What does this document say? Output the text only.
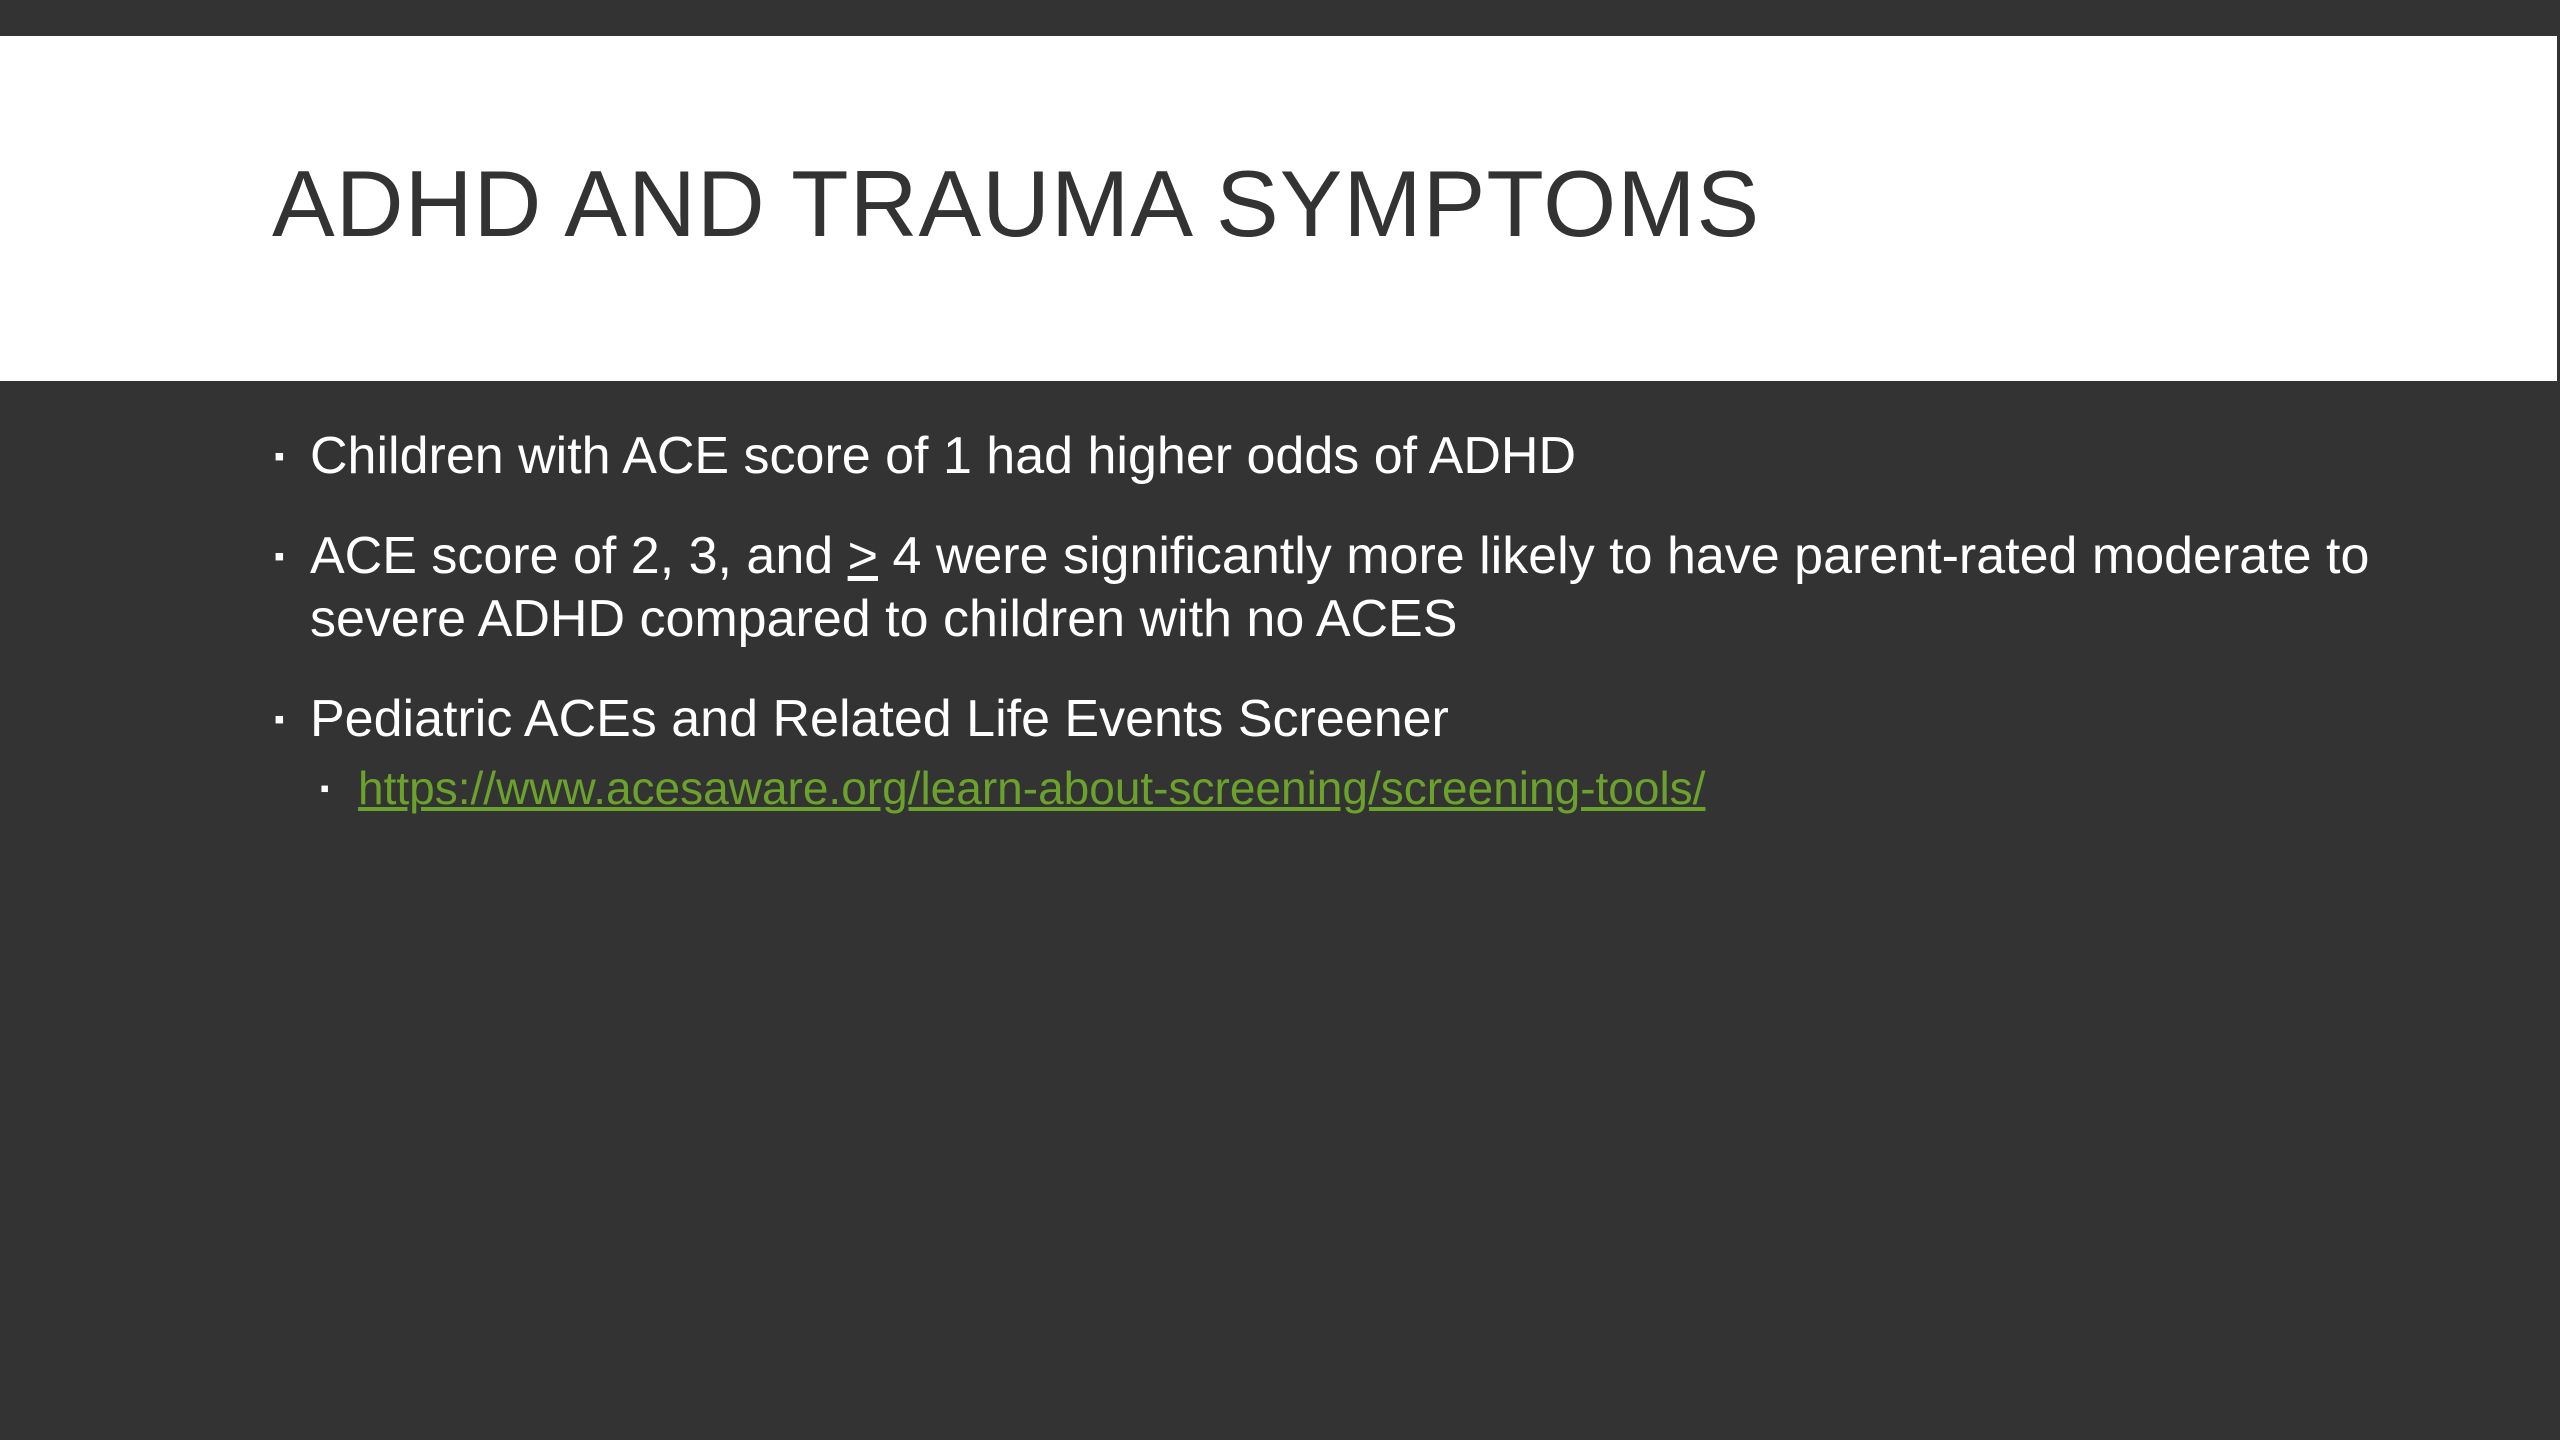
ADHD AND TRAUMA SYMPTOMS
▪ Children with ACE score of 1 had higher odds of ADHD
▪ ACE score of 2, 3, and ≥ 4 were significantly more likely to have parent-rated moderate to severe ADHD compared to children with no ACES
▪ Pediatric ACEs and Related Life Events Screener
▪ https://www.acesaware.org/learn-about-screening/screening-tools/
